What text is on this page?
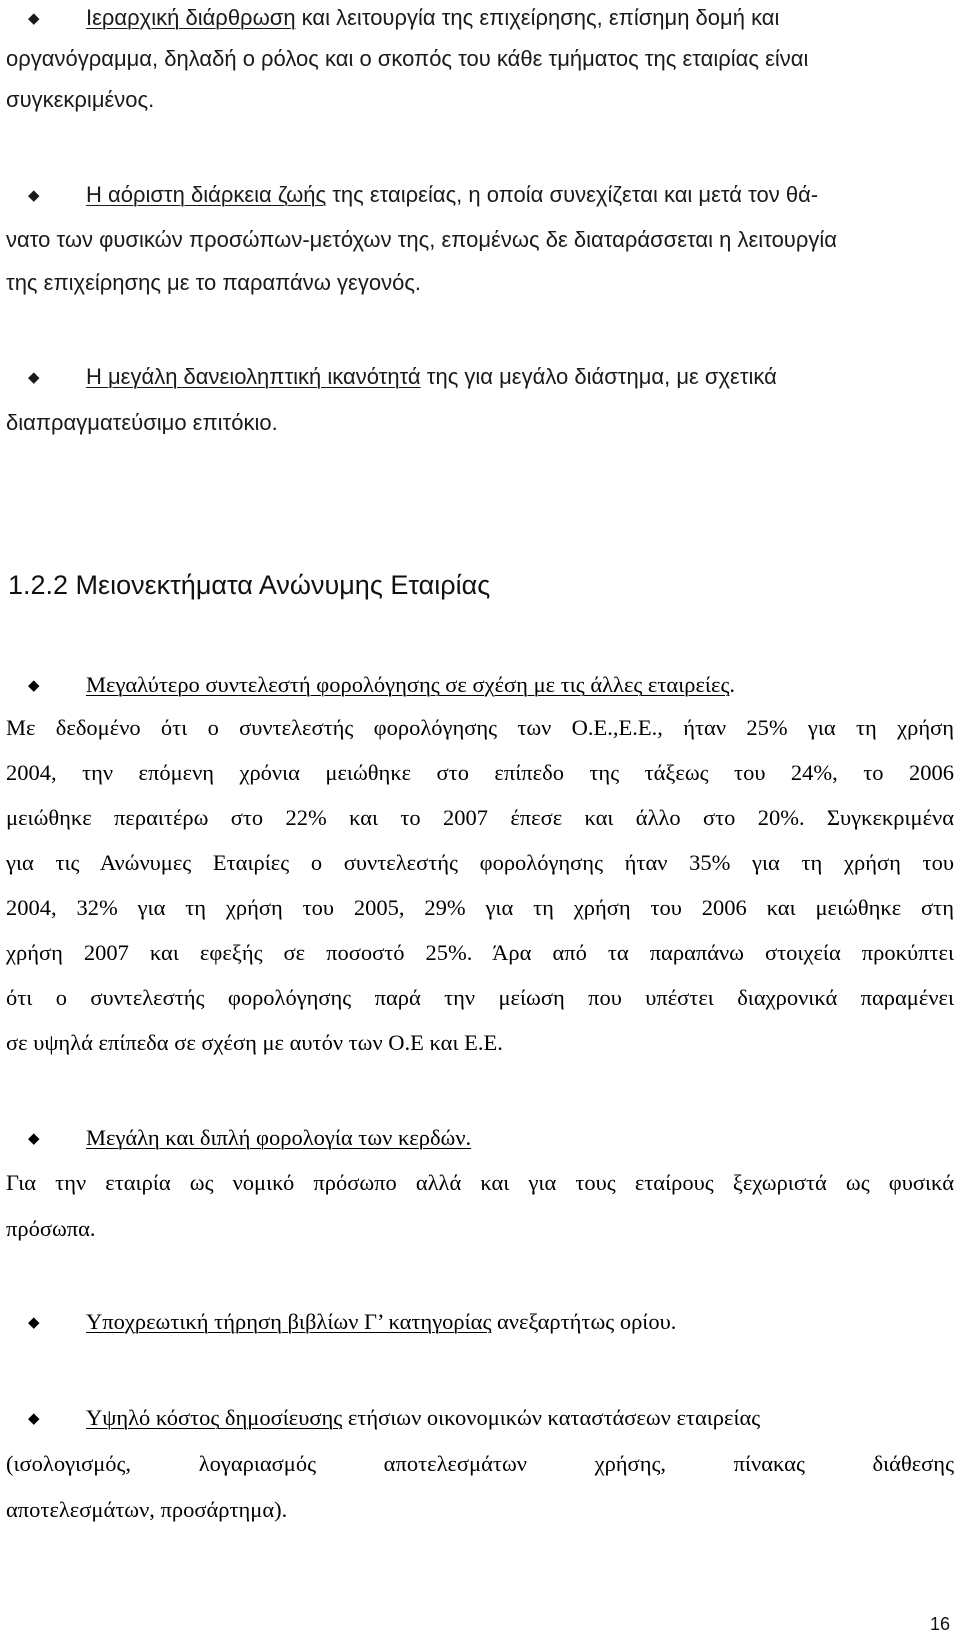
◆ Ιεραρχική διάρθρωση και λειτουργία της επιχείρησης, επίσημη δομή και
οργανόγραμμα, δηλαδή ο ρόλος και ο σκοπός του κάθε τμήματος της εταιρίας είναι
συγκεκριμένος.
◆ Η αόριστη διάρκεια ζωής της εταιρείας, η οποία συνεχίζεται και μετά τον θά-
νατο των φυσικών προσώπων-μετόχων της, επομένως δε διαταράσσεται η λειτουργία
της επιχείρησης με το παραπάνω γεγονός.
◆ Η μεγάλη δανειοληπτική ικανότητά της για μεγάλο διάστημα, με σχετικά
διαπραγματεύσιμο επιτόκιο.
1.2.2 Μειονεκτήματα Ανώνυμης Εταιρίας
◆ Μεγαλύτερο συντελεστή φορολόγησης σε σχέση με τις άλλες εταιρείες.
Με δεδομένο ότι ο συντελεστής φορολόγησης των Ο.Ε.,Ε.Ε., ήταν 25% για τη χρήση
2004, την επόμενη χρόνια μειώθηκε στο επίπεδο της τάξεως του 24%, το 2006
μειώθηκε περαιτέρω στο 22% και το 2007 έπεσε και άλλο στο 20%. Συγκεκριμένα
για τις Ανώνυμες Εταιρίες ο συντελεστής φορολόγησης ήταν 35% για τη χρήση του
2004, 32% για τη χρήση του 2005, 29% για τη χρήση του 2006 και μειώθηκε στη
χρήση 2007 και εφεξής σε ποσοστό 25%. Άρα από τα παραπάνω στοιχεία προκύπτει
ότι ο συντελεστής φορολόγησης παρά την μείωση που υπέστει διαχρονικά παραμένει
σε υψηλά επίπεδα σε σχέση με αυτόν των Ο.Ε και Ε.Ε.
◆ Μεγάλη και διπλή φορολογία των κερδών.
Για την εταιρία ως νομικό πρόσωπο αλλά και για τους εταίρους ξεχωριστά ως φυσικά
πρόσωπα.
◆ Υποχρεωτική τήρηση βιβλίων Γ’ κατηγορίας ανεξαρτήτως ορίου.
◆ Υψηλό κόστος δημοσίευσης ετήσιων οικονομικών καταστάσεων εταιρείας
(ισολογισμός, λογαριασμός αποτελεσμάτων χρήσης, πίνακας διάθεσης
αποτελεσμάτων, προσάρτημα).
16
